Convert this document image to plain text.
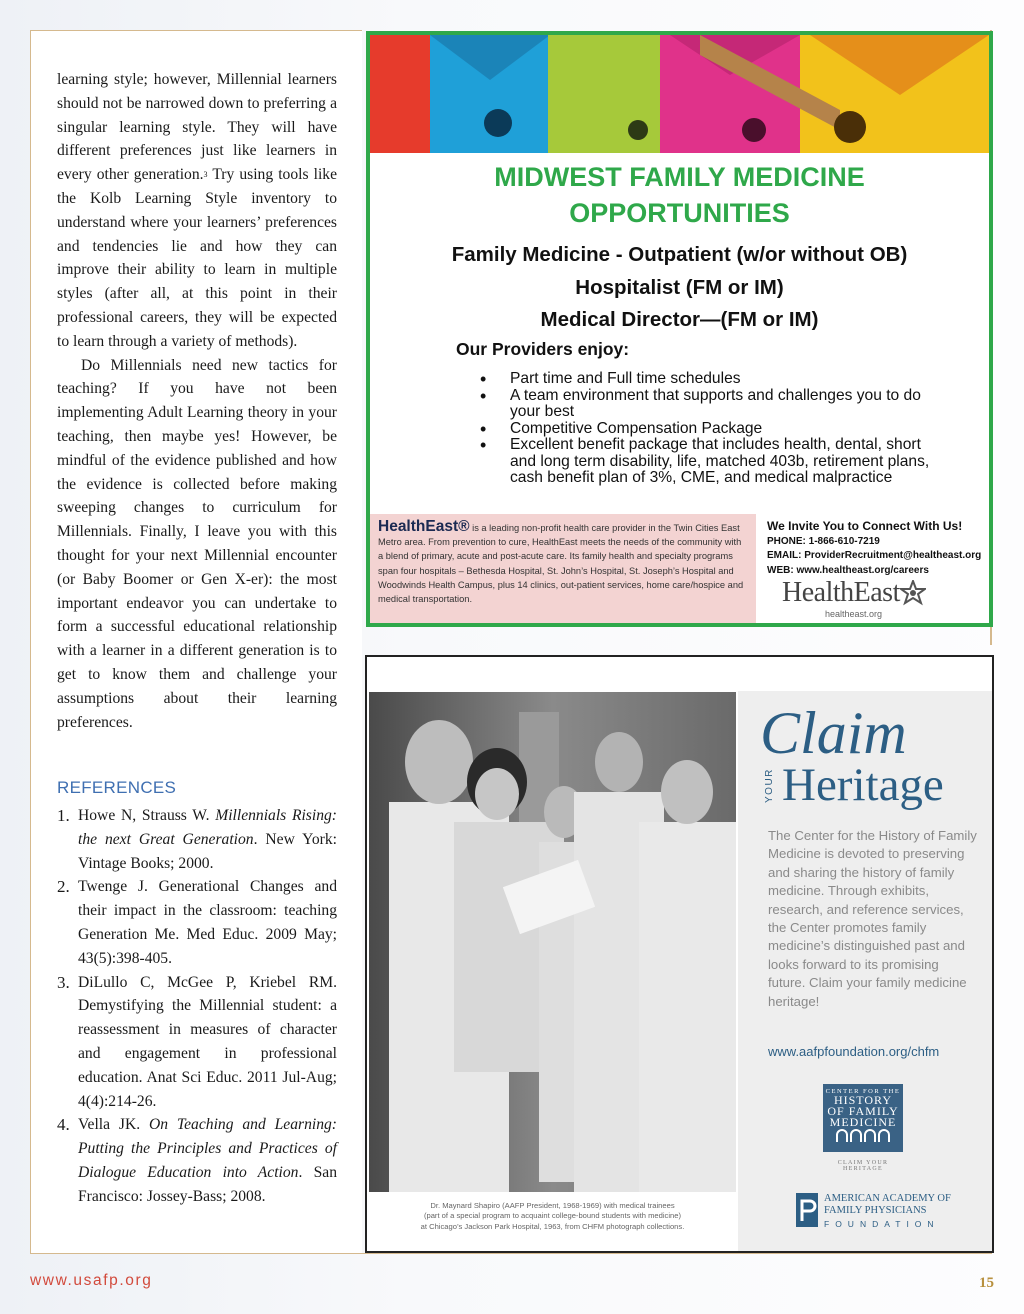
learning style; however, Millennial learners should not be narrowed down to preferring a singular learning style. They will have different preferences just like learners in every other generation.$^3$ Try using tools like the Kolb Learning Style inventory to understand where your learners’ preferences and tendencies lie and how they can improve their ability to learn in multiple styles (after all, at this point in their professional careers, they will be expected to learn through a variety of methods).

Do Millennials need new tactics for teaching? If you have not been implementing Adult Learning theory in your teaching, then maybe yes! However, be mindful of the evidence published and how the evidence is collected before making sweeping changes to curriculum for Millennials. Finally, I leave you with this thought for your next Millennial encounter (or Baby Boomer or Gen X-er): the most important endeavor you can undertake to form a successful educational relationship with a learner in a different generation is to get to know them and challenge your assumptions about their learning preferences.

REFERENCES
1. Howe N, Strauss W. Millennials Rising: the next Great Generation. New York: Vintage Books; 2000.
2. Twenge J. Generational Changes and their impact in the classroom: teaching Generation Me. Med Educ. 2009 May; 43(5):398-405.
3. DiLullo C, McGee P, Kriebel RM. Demystifying the Millennial student: a reassessment in measures of character and engagement in professional education. Anat Sci Educ. 2011 Jul-Aug; 4(4):214-26.
4. Vella JK. On Teaching and Learning: Putting the Principles and Practices of Dialogue Education into Action. San Francisco: Jossey-Bass; 2008.
MIDWEST FAMILY MEDICINE
OPPORTUNITIES
Family Medicine - Outpatient (w/or without OB)
Hospitalist (FM or IM)
Medical Director—(FM or IM)
Our Providers enjoy:
• Part time and Full time schedules
• A team environment that supports and challenges you to do your best
• Competitive Compensation Package
• Excellent benefit package that includes health, dental, short and long term disability, life, matched 403b, retirement plans, cash benefit plan of 3%, CME, and medical malpractice
HealthEast® is a leading non-profit health care provider in the Twin Cities East Metro area. From prevention to cure, HealthEast meets the needs of the community with a blend of primary, acute and post-acute care. Its family health and specialty programs span four hospitals – Bethesda Hospital, St. John’s Hospital, St. Joseph’s Hospital and Woodwinds Health Campus, plus 14 clinics, out-patient services, home care/hospice and medical transportation.
We Invite You to Connect With Us!
PHONE: 1-866-610-7219
EMAIL: ProviderRecruitment@healtheast.org
WEB: www.healtheast.org/careers
HealthEast
healtheast.org
Dr. Maynard Shapiro (AAFP President, 1968-1969) with medical trainees
(part of a special program to acquaint college-bound students with medicine)
at Chicago’s Jackson Park Hospital, 1963, from CHFM photograph collections.
Claim
YOUR Heritage
The Center for the History of Family Medicine is devoted to preserving and sharing the history of family medicine. Through exhibits, research, and reference services, the Center promotes family medicine’s distinguished past and looks forward to its promising future. Claim your family medicine heritage!
www.aafpfoundation.org/chfm
CENTER FOR THE
HISTORY
OF FAMILY
MEDICINE
CLAIM YOUR HERITAGE
AMERICAN ACADEMY OF
FAMILY PHYSICIANS
FOUNDATION
www.usafp.org	15
